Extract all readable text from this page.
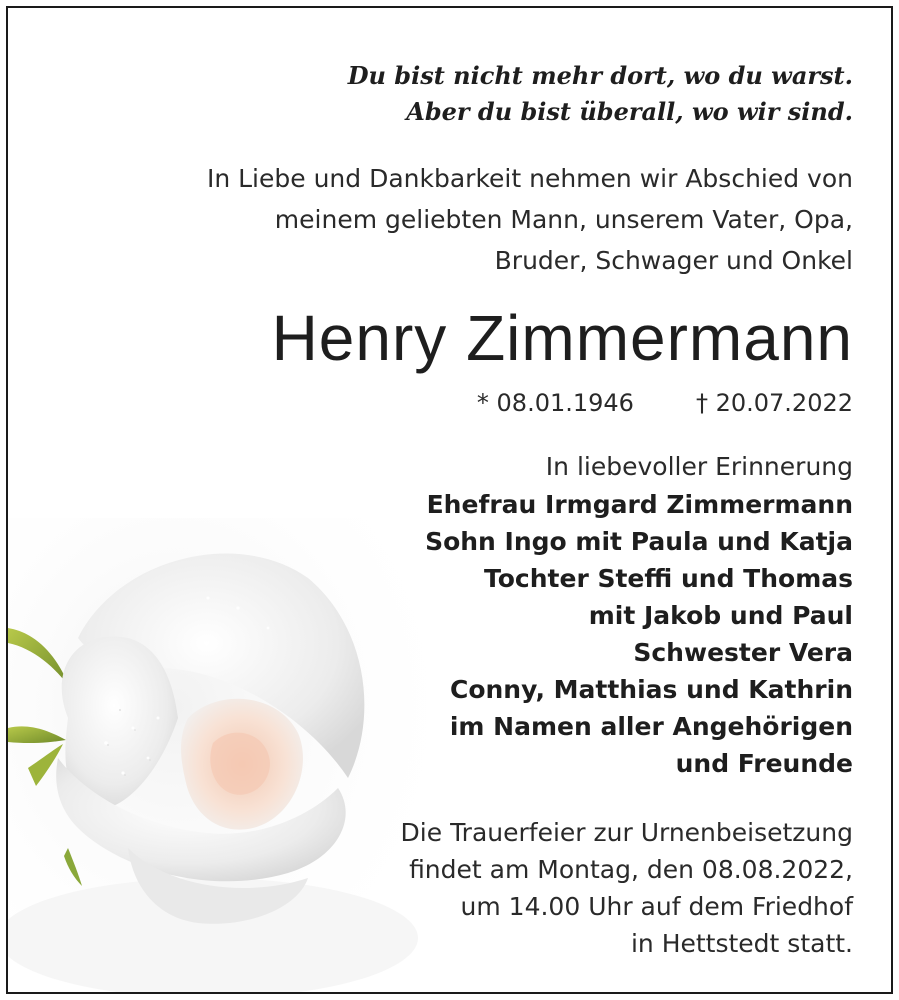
Du bist nicht mehr dort, wo du warst.
Aber du bist überall, wo wir sind.
In Liebe und Dankbarkeit nehmen wir Abschied von
meinem geliebten Mann, unserem Vater, Opa,
Bruder, Schwager und Onkel
Henry Zimmermann
* 08.01.1946	† 20.07.2022
In liebevoller Erinnerung
Ehefrau Irmgard Zimmermann
Sohn Ingo mit Paula und Katja
Tochter Steffi und Thomas
mit Jakob und Paul
Schwester Vera
Conny, Matthias und Kathrin
im Namen aller Angehörigen
und Freunde
Die Trauerfeier zur Urnenbeisetzung
findet am Montag, den 08.08.2022,
um 14.00 Uhr auf dem Friedhof
in Hettstedt statt.
